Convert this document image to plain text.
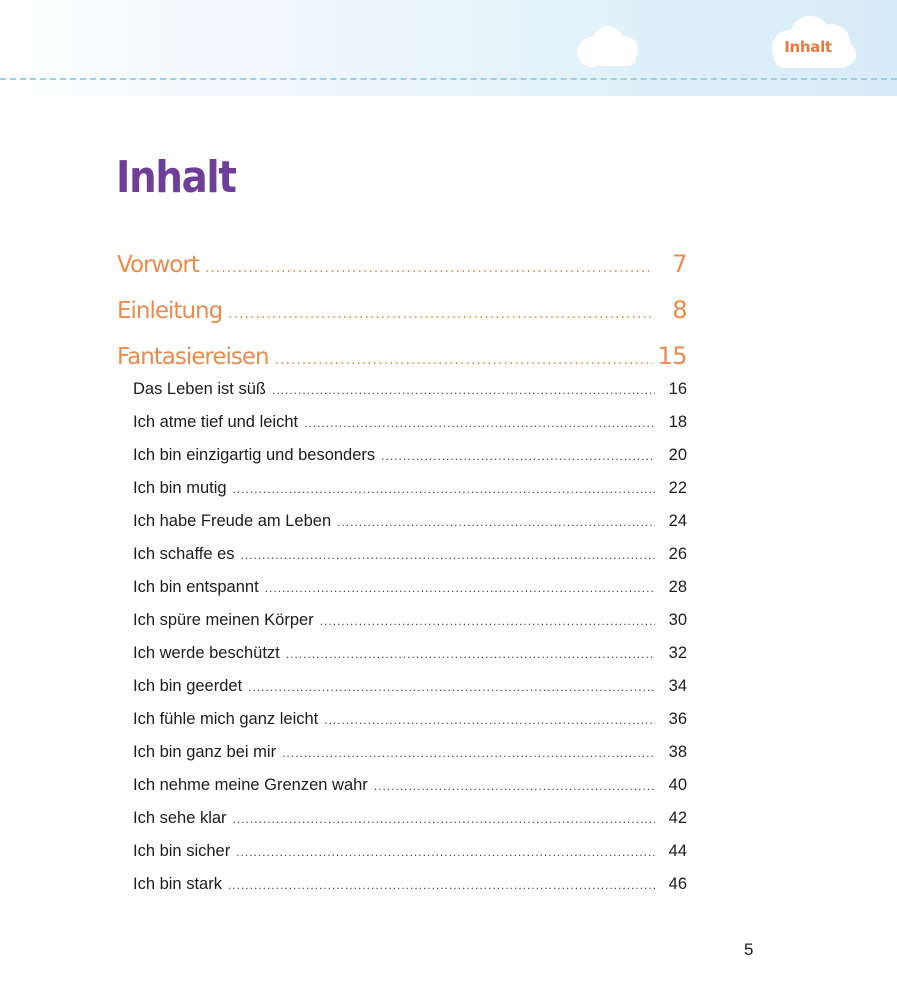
Inhalt
Inhalt
Vorwort .....	7
Einleitung .....	8
Fantasiereisen .....	15
Das Leben ist süß .....	16
Ich atme tief und leicht .....	18
Ich bin einzigartig und besonders .....	20
Ich bin mutig .....	22
Ich habe Freude am Leben .....	24
Ich schaffe es .....	26
Ich bin entspannt .....	28
Ich spüre meinen Körper .....	30
Ich werde beschützt .....	32
Ich bin geerdet .....	34
Ich fühle mich ganz leicht .....	36
Ich bin ganz bei mir .....	38
Ich nehme meine Grenzen wahr .....	40
Ich sehe klar .....	42
Ich bin sicher .....	44
Ich bin stark .....	46
5
